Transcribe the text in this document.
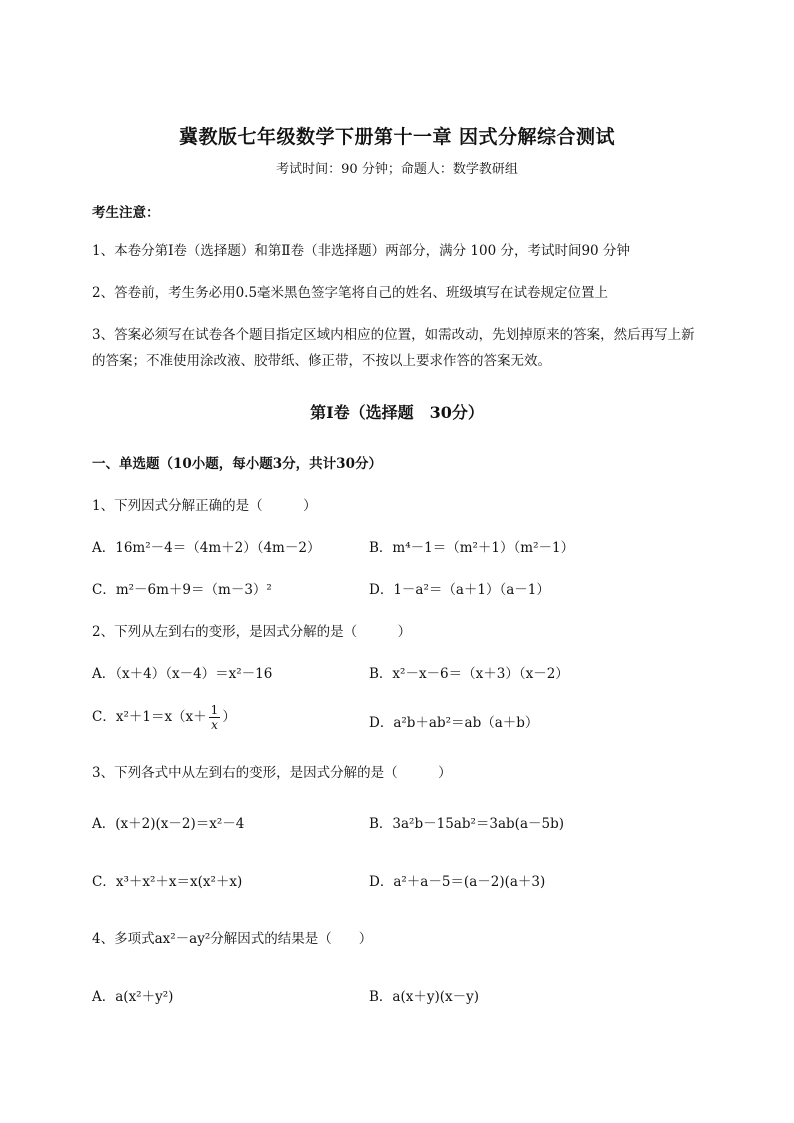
冀教版七年级数学下册第十一章 因式分解综合测试
考试时间：90 分钟；命题人：数学教研组
考生注意：
1、本卷分第Ⅰ卷（选择题）和第Ⅱ卷（非选择题）两部分，满分 100 分，考试时间90 分钟
2、答卷前，考生务必用0.5毫米黑色签字笔将自己的姓名、班级填写在试卷规定位置上
3、答案必须写在试卷各个题目指定区域内相应的位置，如需改动，先划掉原来的答案，然后再写上新
的答案；不准使用涂改液、胶带纸、修正带，不按以上要求作答的答案无效。
第Ⅰ卷（选择题　30分）
一、单选题（10小题，每小题3分，共计30分）
1、下列因式分解正确的是（　　　）
A．16m²－4＝（4m＋2）（4m－2）	B．m⁴－1＝（m²＋1）（m²－1）
C．m²－6m＋9＝（m－3）²	D．1－a²＝（a＋1）（a－1）
2、下列从左到右的变形，是因式分解的是（　　　）
A．（x＋4）（x－4）＝x²－16	B．x²－x－6＝（x＋3）（x－2）
C．$x^2+1=x(x+ \frac{1}{x}$ ）	D．a²b＋ab²＝ab（a＋b）
3、下列各式中从左到右的变形，是因式分解的是（　　　）
A．(x＋2)(x－2)＝x²－4	B．3a²b－15ab²＝3ab(a－5b)
C．x³＋x²＋x＝x(x²＋x)	D．a²＋a－5＝(a－2)(a＋3)
4、多项式ax²－ay²分解因式的结果是（　　）
A．a(x²＋y²)	B．a(x＋y)(x－y)
